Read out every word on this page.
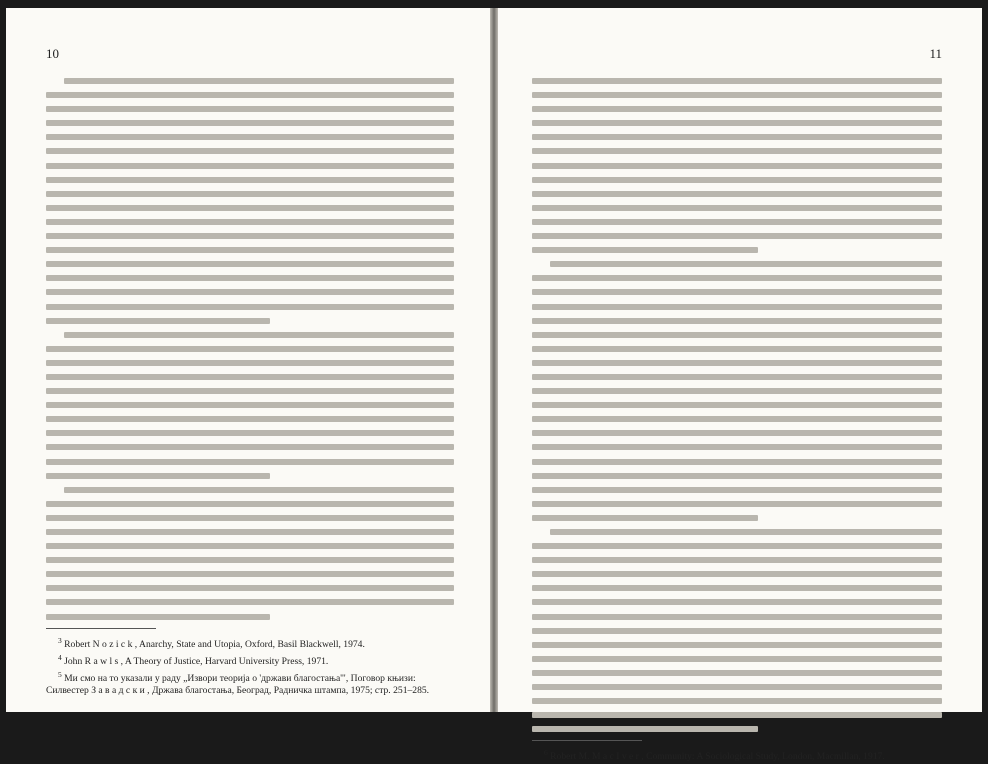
10

$^3$ Robert N o z i c k , Anarchy, State and Utopia, Oxford, Basil Blackwell, 1974.

$^4$ John R a w l s , A Theory of Justice, Harvard University Press, 1971.

$^5$ Ми смо на то указали у раду „Извори теорија о 'држави благостања'", Поговор књизи: Силвестер З а в а д с к и , Држава благостања, Београд, Радничка штампа, 1975; стр. 251–285.

11

$^6$ Robert M. M a c I v e r , Community: A Sociological Study, London, Macmillan, 1917.
